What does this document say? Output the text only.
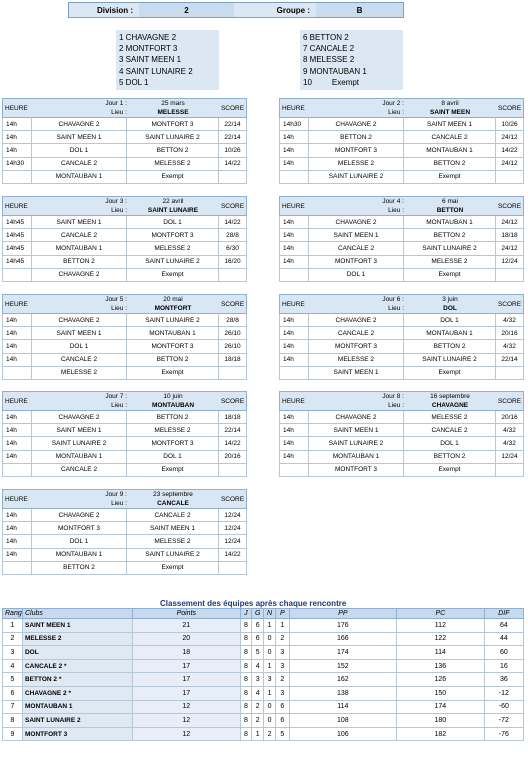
Division :	2	Groupe :	B
1 CHAVAGNE 2
2 MONTFORT 3
3 SAINT MEEN 1
4 SAINT LUNAIRE 2
5 DOL 1
6 BETTON 2
7 CANCALE 2
8 MELESSE 2
9 MONTAUBAN 1
10         Exempt
HEURE
Jour 1 :	25 mars
Lieu :	MELESSE
SCORE
14h	CHAVAGNE 2	MONTFORT 3	22/14
14h	SAINT MEEN 1	SAINT LUNAIRE 2	22/14
14h	DOL 1	BETTON 2	10/26
14h30	CANCALE 2	MELESSE 2	14/22
MONTAUBAN 1	Exempt
HEURE
Jour 2 :	8 avril
Lieu :	SAINT MEEN
SCORE
14h30	CHAVAGNE 2	SAINT MEEN 1	10/26
14h	BETTON 2	CANCALE 2	24/12
14h	MONTFORT 3	MONTAUBAN 1	14/22
14h	MELESSE 2	BETTON 2	24/12
SAINT LUNAIRE 2	Exempt
HEURE
Jour 3 :	22 avril
Lieu :	SAINT LUNAIRE
SCORE
14h45	SAINT MEEN 1	DOL 1	14/22
14h45	CANCALE 2	MONTFORT 3	28/8
14h45	MONTAUBAN 1	MELESSE 2	6/30
14h45	BETTON 2	SAINT LUNAIRE 2	16/20
CHAVAGNE 2	Exempt
HEURE
Jour 4 :	6 mai
Lieu :	BETTON
SCORE
14h	CHAVAGNE 2	MONTAUBAN 1	24/12
14h	SAINT MEEN 1	BETTON 2	18/18
14h	CANCALE 2	SAINT LUNAIRE 2	24/12
14h	MONTFORT 3	MELESSE 2	12/24
DOL 1	Exempt
HEURE
Jour 5 :	20 mai
Lieu :	MONTFORT
SCORE
14h	CHAVAGNE 2	SAINT LUNAIRE 2	28/8
14h	SAINT MEEN 1	MONTAUBAN 1	26/10
14h	DOL 1	MONTFORT 3	26/10
14h	CANCALE 2	BETTON 2	18/18
MELESSE 2	Exempt
HEURE
Jour 6 :	3 juin
Lieu :	DOL
SCORE
14h	CHAVAGNE 2	DOL 1	4/32
14h	CANCALE 2	MONTAUBAN 1	20/16
14h	MONTFORT 3	BETTON 2	4/32
14h	MELESSE 2	SAINT LUNAIRE 2	22/14
SAINT MEEN 1	Exempt
HEURE
Jour 7 :	10 juin
Lieu :	MONTAUBAN
SCORE
14h	CHAVAGNE 2	BETTON 2	18/18
14h	SAINT MEEN 1	MELESSE 2	22/14
14h	SAINT LUNAIRE 2	MONTFORT 3	14/22
14h	MONTAUBAN 1	DOL 1	20/16
CANCALE 2	Exempt
HEURE
Jour 8 :	16 septembre
Lieu :	CHAVAGNE
SCORE
14h	CHAVAGNE 2	MELESSE 2	20/16
14h	SAINT MEEN 1	CANCALE 2	4/32
14h	SAINT LUNAIRE 2	DOL 1	4/32
14h	MONTAUBAN 1	BETTON 2	12/24
MONTFORT 3	Exempt
HEURE
Jour 9 :	23 septembre
Lieu :	CANCALE
SCORE
14h	CHAVAGNE 2	CANCALE 2	12/24
14h	MONTFORT 3	SAINT MEEN 1	12/24
14h	DOL 1	MELESSE 2	12/24
14h	MONTAUBAN 1	SAINT LUNAIRE 2	14/22
BETTON 2	Exempt
Classement des équipes après chaque rencontre
Rang	Clubs	Points	J	G	N	P	PP	PC	DIF
1	SAINT MEEN 1	21	8	6	1	1	176	112	64
2	MELESSE 2	20	8	6	0	2	166	122	44
3	DOL	18	8	5	0	3	174	114	60
4	CANCALE 2 *	17	8	4	1	3	152	136	16
5	BETTON 2 *	17	8	3	3	2	162	126	36
6	CHAVAGNE 2 *	17	8	4	1	3	138	150	-12
7	MONTAUBAN 1	12	8	2	0	6	114	174	-60
8	SAINT LUNAIRE 2	12	8	2	0	6	108	180	-72
9	MONTFORT 3	12	8	1	2	5	106	182	-76
